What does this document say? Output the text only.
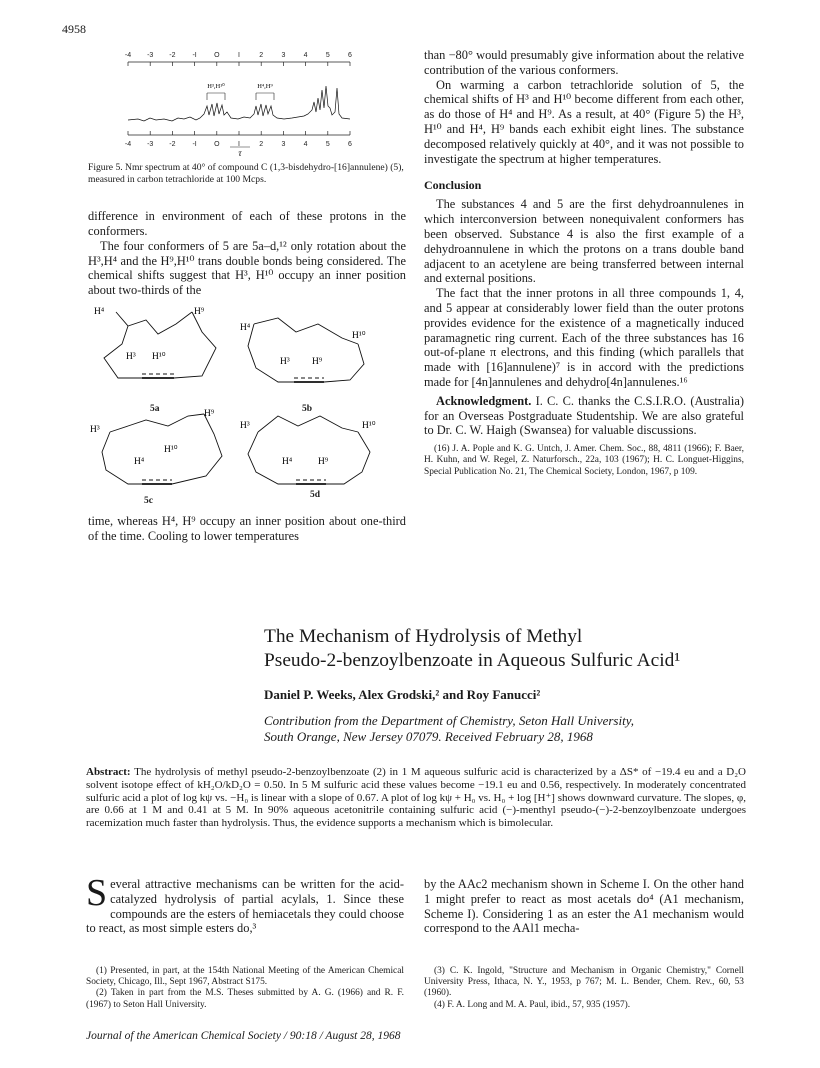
4958
-4 -3 -2 -I O	I	2	3	4	5	6
-4 -3 -2 -I O	I	2	3	4	5	6
H³,H¹⁰	H⁴,H⁹
τ

Figure 5. Nmr spectrum at 40° of compound C (1,3-bisdehydro-[16]annulene) (5), measured in carbon tetrachloride at 100 Mcps.

difference in environment of each of these protons in the conformers.

The four conformers of 5 are 5a–d,¹² only rotation about the H³,H⁴ and the H⁹,H¹⁰ trans double bonds being considered. The chemical shifts suggest that H³, H¹⁰ occupy an inner position about two-thirds of the

H⁴	H⁹
H³ H¹⁰
5a
H⁴
H¹⁰
H³ H⁹
5b
H⁹
H³
H¹⁰
H⁴
5c
H³	H¹⁰
H⁴	H⁹
5d

time, whereas H⁴, H⁹ occupy an inner position about one-third of the time. Cooling to lower temperatures

than −80° would presumably give information about the relative contribution of the various conformers.

On warming a carbon tetrachloride solution of 5, the chemical shifts of H³ and H¹⁰ become different from each other, as do those of H⁴ and H⁹. As a result, at 40° (Figure 5) the H³, H¹⁰ and H⁴, H⁹ bands each exhibit eight lines. The substance decomposed relatively quickly at 40°, and it was not possible to investigate the spectrum at higher temperatures.

Conclusion

The substances 4 and 5 are the first dehydroannulenes in which interconversion between nonequivalent conformers has been observed. Substance 4 is also the first example of a dehydroannulene in which the protons on a trans double band adjacent to an acetylene are being transferred between internal and external positions.

The fact that the inner protons in all three compounds 1, 4, and 5 appear at considerably lower field than the outer protons provides evidence for the existence of a magnetically induced paramagnetic ring current. Each of the three substances has 16 out-of-plane π electrons, and this finding (which parallels that made with [16]annulene)⁷ is in accord with the predictions made for [4n]annulenes and dehydro[4n]annulenes.¹⁶

Acknowledgment. I. C. C. thanks the C.S.I.R.O. (Australia) for an Overseas Postgraduate Studentship. We are also grateful to Dr. C. W. Haigh (Swansea) for valuable discussions.

(16) J. A. Pople and K. G. Untch, J. Amer. Chem. Soc., 88, 4811 (1966); F. Baer, H. Kuhn, and W. Regel, Z. Naturforsch., 22a, 103 (1967); H. C. Longuet-Higgins, Special Publication No. 21, The Chemical Society, London, 1967, p 109.
The Mechanism of Hydrolysis of Methyl
Pseudo-2-benzoylbenzoate in Aqueous Sulfuric Acid¹

Daniel P. Weeks, Alex Grodski,² and Roy Fanucci²

Contribution from the Department of Chemistry, Seton Hall University,
South Orange, New Jersey 07079. Received February 28, 1968

Abstract: The hydrolysis of methyl pseudo-2-benzoylbenzoate (2) in 1 M aqueous sulfuric acid is characterized by a ΔS* of −19.4 eu and a D₂O solvent isotope effect of kH₂O/kD₂O = 0.50. In 5 M sulfuric acid these values become −19.1 eu and 0.56, respectively. In moderately concentrated sulfuric acid a plot of log kψ vs. −H₀ is linear with a slope of 0.67. A plot of log kψ + H₀ vs. H₀ + log [H⁺] shows downward curvature. The slopes, φ, are 0.66 at 1 M and 0.41 at 5 M. In 90% aqueous acetonitrile containing sulfuric acid (−)-menthyl pseudo-(−)-2-benzoylbenzoate undergoes racemization much faster than hydrolysis. Thus, the evidence supports a mechanism which is bimolecular.

Several attractive mechanisms can be written for the acid-catalyzed hydrolysis of partial acylals, 1. Since these compounds are the esters of hemiacetals they could choose to react, as most simple esters do,³

by the AAc2 mechanism shown in Scheme I. On the other hand 1 might prefer to react as most acetals do⁴ (A1 mechanism, Scheme I). Considering 1 as an ester the A1 mechanism would correspond to the AAl1 mecha-

(1) Presented, in part, at the 154th National Meeting of the American Chemical Society, Chicago, Ill., Sept 1967, Abstract S175.
(2) Taken in part from the M.S. Theses submitted by A. G. (1966) and R. F. (1967) to Seton Hall University.
(3) C. K. Ingold, "Structure and Mechanism in Organic Chemistry," Cornell University Press, Ithaca, N. Y., 1953, p 767; M. L. Bender, Chem. Rev., 60, 53 (1960).
(4) F. A. Long and M. A. Paul, ibid., 57, 935 (1957).
Journal of the American Chemical Society / 90:18 / August 28, 1968
